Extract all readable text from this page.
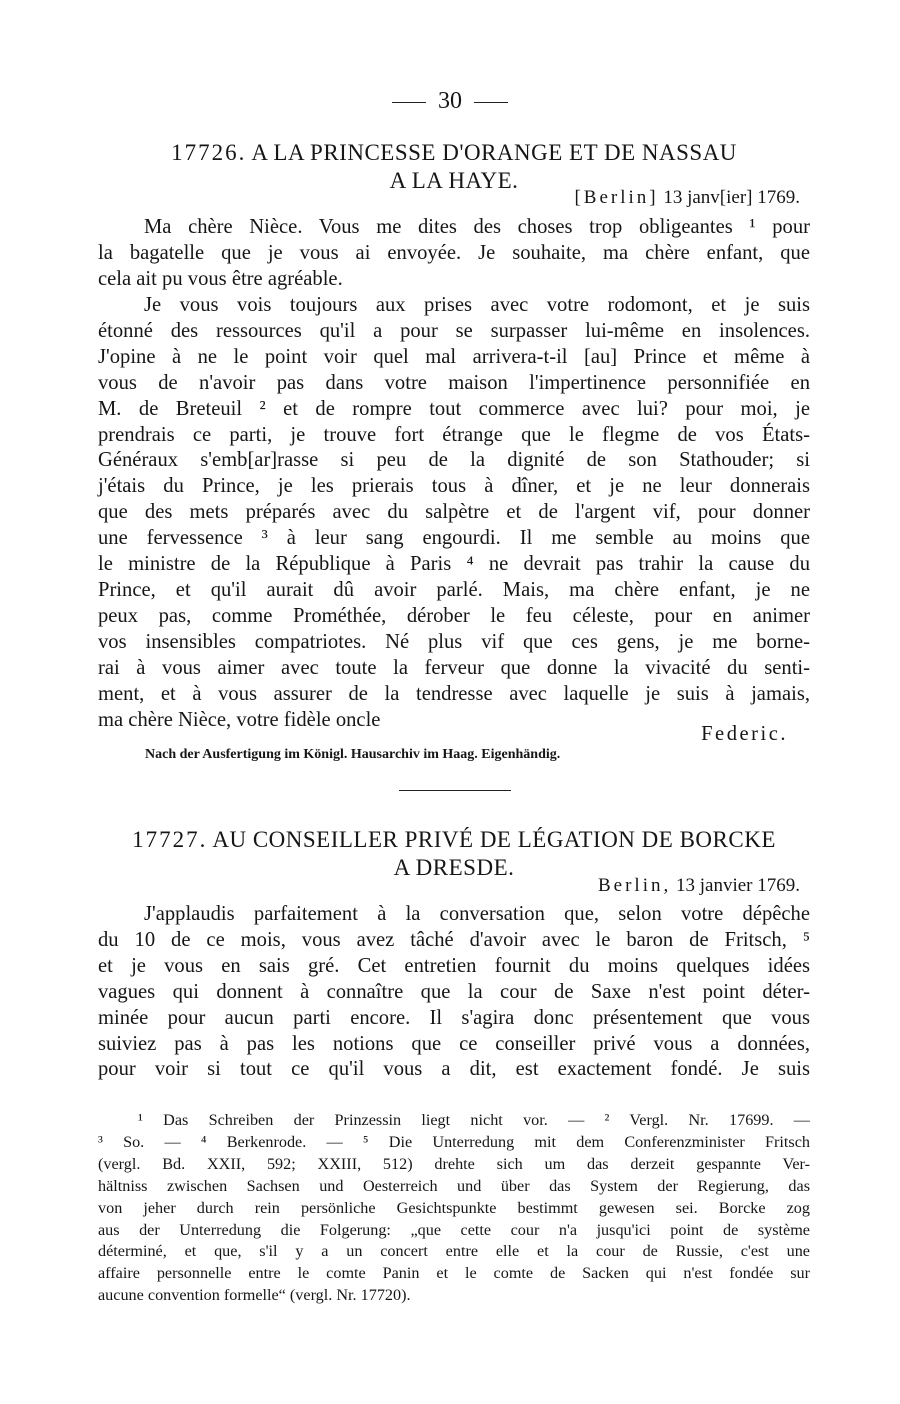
30
17726. A LA PRINCESSE D'ORANGE ET DE NASSAU
A LA HAYE.
[Berlin] 13 janv[ier] 1769.
Ma chère Nièce. Vous me dites des choses trop obligeantes ¹ pour
la bagatelle que je vous ai envoyée. Je souhaite, ma chère enfant, que
cela ait pu vous être agréable.
Je vous vois toujours aux prises avec votre rodomont, et je suis
étonné des ressources qu'il a pour se surpasser lui-même en insolences.
J'opine à ne le point voir quel mal arrivera-t-il [au] Prince et même à
vous de n'avoir pas dans votre maison l'impertinence personnifiée en
M. de Breteuil ² et de rompre tout commerce avec lui? pour moi, je
prendrais ce parti, je trouve fort étrange que le flegme de vos États-
Généraux s'emb[ar]rasse si peu de la dignité de son Stathouder; si
j'étais du Prince, je les prierais tous à dîner, et je ne leur donnerais
que des mets préparés avec du salpètre et de l'argent vif, pour donner
une fervessence ³ à leur sang engourdi. Il me semble au moins que
le ministre de la République à Paris ⁴ ne devrait pas trahir la cause du
Prince, et qu'il aurait dû avoir parlé. Mais, ma chère enfant, je ne
peux pas, comme Prométhée, dérober le feu céleste, pour en animer
vos insensibles compatriotes. Né plus vif que ces gens, je me borne-
rai à vous aimer avec toute la ferveur que donne la vivacité du senti-
ment, et à vous assurer de la tendresse avec laquelle je suis à jamais,
ma chère Nièce, votre fidèle oncle
Federic.
Nach der Ausfertigung im Königl. Hausarchiv im Haag. Eigenhändig.
17727. AU CONSEILLER PRIVÉ DE LÉGATION DE BORCKE
A DRESDE.
Berlin, 13 janvier 1769.
J'applaudis parfaitement à la conversation que, selon votre dépêche
du 10 de ce mois, vous avez tâché d'avoir avec le baron de Fritsch, ⁵
et je vous en sais gré. Cet entretien fournit du moins quelques idées
vagues qui donnent à connaître que la cour de Saxe n'est point déter-
minée pour aucun parti encore. Il s'agira donc présentement que vous
suiviez pas à pas les notions que ce conseiller privé vous a données,
pour voir si tout ce qu'il vous a dit, est exactement fondé. Je suis
¹ Das Schreiben der Prinzessin liegt nicht vor. — ² Vergl. Nr. 17699. —
³ So. — ⁴ Berkenrode. — ⁵ Die Unterredung mit dem Conferenzminister Fritsch
(vergl. Bd. XXII, 592; XXIII, 512) drehte sich um das derzeit gespannte Ver-
hältniss zwischen Sachsen und Oesterreich und über das System der Regierung, das
von jeher durch rein persönliche Gesichtspunkte bestimmt gewesen sei. Borcke zog
aus der Unterredung die Folgerung: „que cette cour n'a jusqu'ici point de système
déterminé, et que, s'il y a un concert entre elle et la cour de Russie, c'est une
affaire personnelle entre le comte Panin et le comte de Sacken qui n'est fondée sur
aucune convention formelle“ (vergl. Nr. 17720).
